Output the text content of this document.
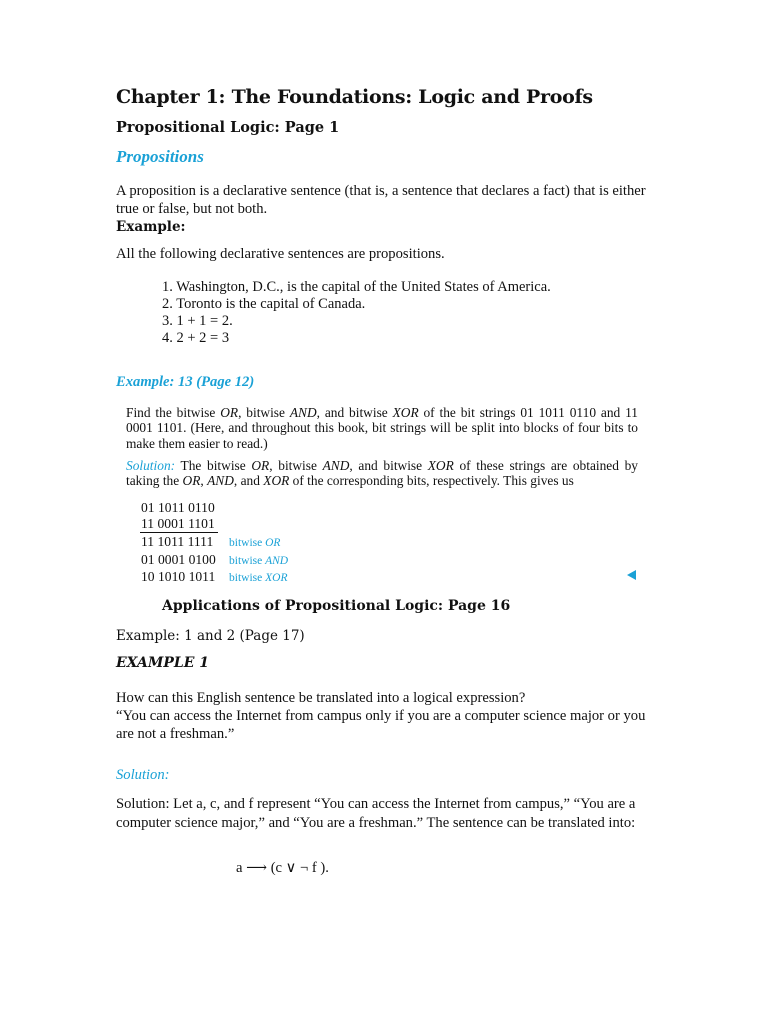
Chapter 1: The Foundations: Logic and Proofs
Propositional Logic: Page 1
Propositions
A proposition is a declarative sentence (that is, a sentence that declares a fact) that is either true or false, but not both.
Example:
All the following declarative sentences are propositions.
1. Washington, D.C., is the capital of the United States of America.
2. Toronto is the capital of Canada.
3. 1 + 1 = 2.
4. 2 + 2 = 3
Example: 13 (Page 12)
Find the bitwise OR, bitwise AND, and bitwise XOR of the bit strings 01 1011 0110 and 11 0001 1101. (Here, and throughout this book, bit strings will be split into blocks of four bits to make them easier to read.)
Solution: The bitwise OR, bitwise AND, and bitwise XOR of these strings are obtained by taking the OR, AND, and XOR of the corresponding bits, respectively. This gives us
01 1011 0110
11 0001 1101
11 1011 1111	bitwise OR
01 0001 0100	bitwise AND
10 1010 1011	bitwise XOR
Applications of Propositional Logic: Page 16
Example: 1 and 2 (Page 17)
EXAMPLE 1
How can this English sentence be translated into a logical expression?
“You can access the Internet from campus only if you are a computer science major or you are not a freshman.”
Solution:
Solution: Let a, c, and f represent “You can access the Internet from campus,” “You are a computer science major,” and “You are a freshman.” The sentence can be translated into:
a ⟶ (c ∨ ¬ f ).
